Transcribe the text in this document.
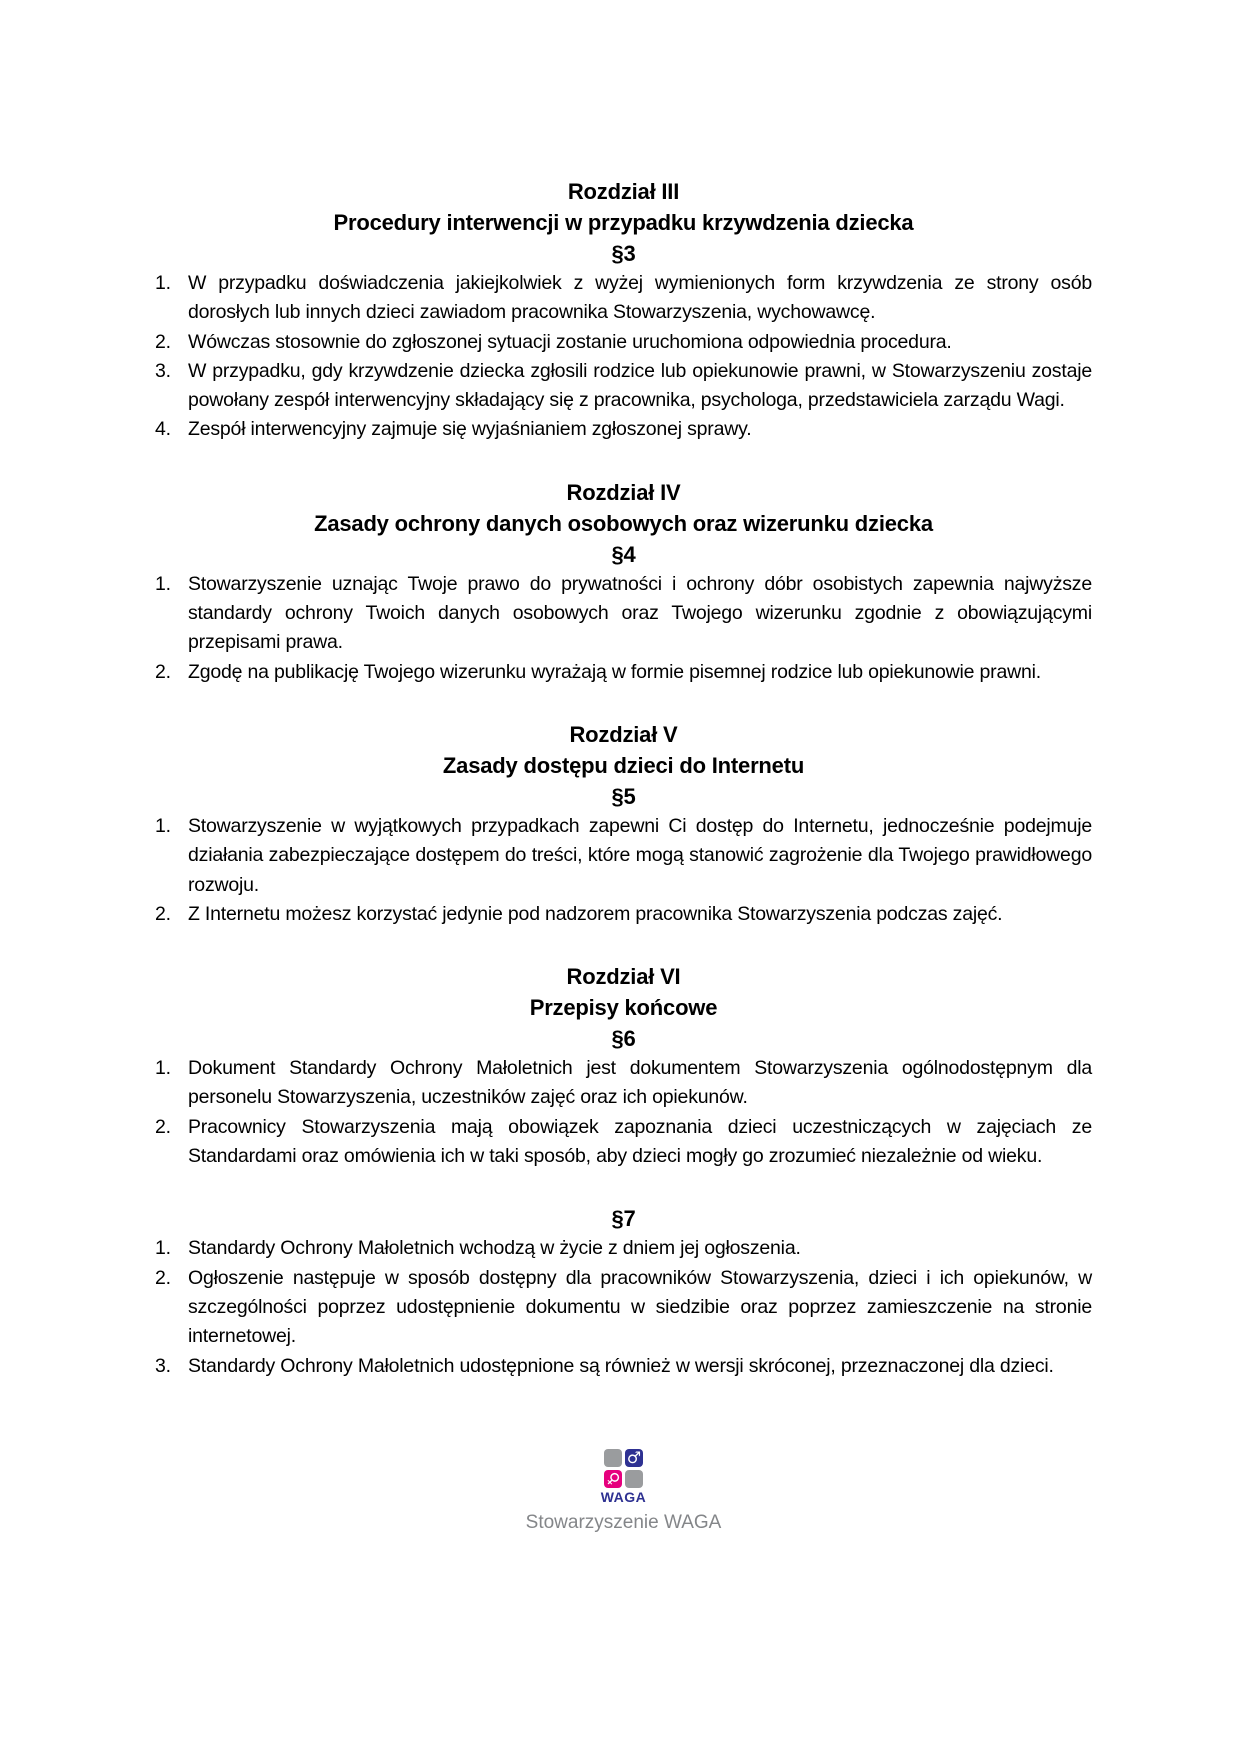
Rozdział III
Procedury interwencji w przypadku krzywdzenia dziecka
§3
1. W przypadku doświadczenia jakiejkolwiek z wyżej wymienionych form krzywdzenia ze strony osób dorosłych lub innych dzieci zawiadom pracownika Stowarzyszenia, wychowawcę.
2. Wówczas stosownie do zgłoszonej sytuacji zostanie uruchomiona odpowiednia procedura.
3. W przypadku, gdy krzywdzenie dziecka zgłosili rodzice lub opiekunowie prawni, w Stowarzyszeniu zostaje powołany zespół interwencyjny składający się z pracownika, psychologa, przedstawiciela zarządu Wagi.
4. Zespół interwencyjny zajmuje się wyjaśnianiem zgłoszonej sprawy.
Rozdział IV
Zasady ochrony danych osobowych oraz wizerunku dziecka
§4
1. Stowarzyszenie uznając Twoje prawo do prywatności i ochrony dóbr osobistych zapewnia najwyższe standardy ochrony Twoich danych osobowych oraz Twojego wizerunku zgodnie z obowiązującymi przepisami prawa.
2. Zgodę na publikację Twojego wizerunku wyrażają w formie pisemnej rodzice lub opiekunowie prawni.
Rozdział V
Zasady dostępu dzieci do Internetu
§5
1. Stowarzyszenie w wyjątkowych przypadkach zapewni Ci dostęp do Internetu, jednocześnie podejmuje działania zabezpieczające dostępem do treści, które mogą stanowić zagrożenie dla Twojego prawidłowego rozwoju.
2. Z Internetu możesz korzystać jedynie pod nadzorem pracownika Stowarzyszenia podczas zajęć.
Rozdział VI
Przepisy końcowe
§6
1. Dokument Standardy Ochrony Małoletnich jest dokumentem Stowarzyszenia ogólnodostępnym dla personelu Stowarzyszenia, uczestników zajęć oraz ich opiekunów.
2. Pracownicy Stowarzyszenia mają obowiązek zapoznania dzieci uczestniczących w zajęciach ze Standardami oraz omówienia ich w taki sposób, aby dzieci mogły go zrozumieć niezależnie od wieku.
§7
1. Standardy Ochrony Małoletnich wchodzą w życie z dniem jej ogłoszenia.
2. Ogłoszenie następuje w sposób dostępny dla pracowników Stowarzyszenia, dzieci i ich opiekunów, w szczególności poprzez udostępnienie dokumentu w siedzibie oraz poprzez zamieszczenie na stronie internetowej.
3. Standardy Ochrony Małoletnich udostępnione są również w wersji skróconej, przeznaczonej dla dzieci.
♂
♀
WAGA
Stowarzyszenie WAGA
